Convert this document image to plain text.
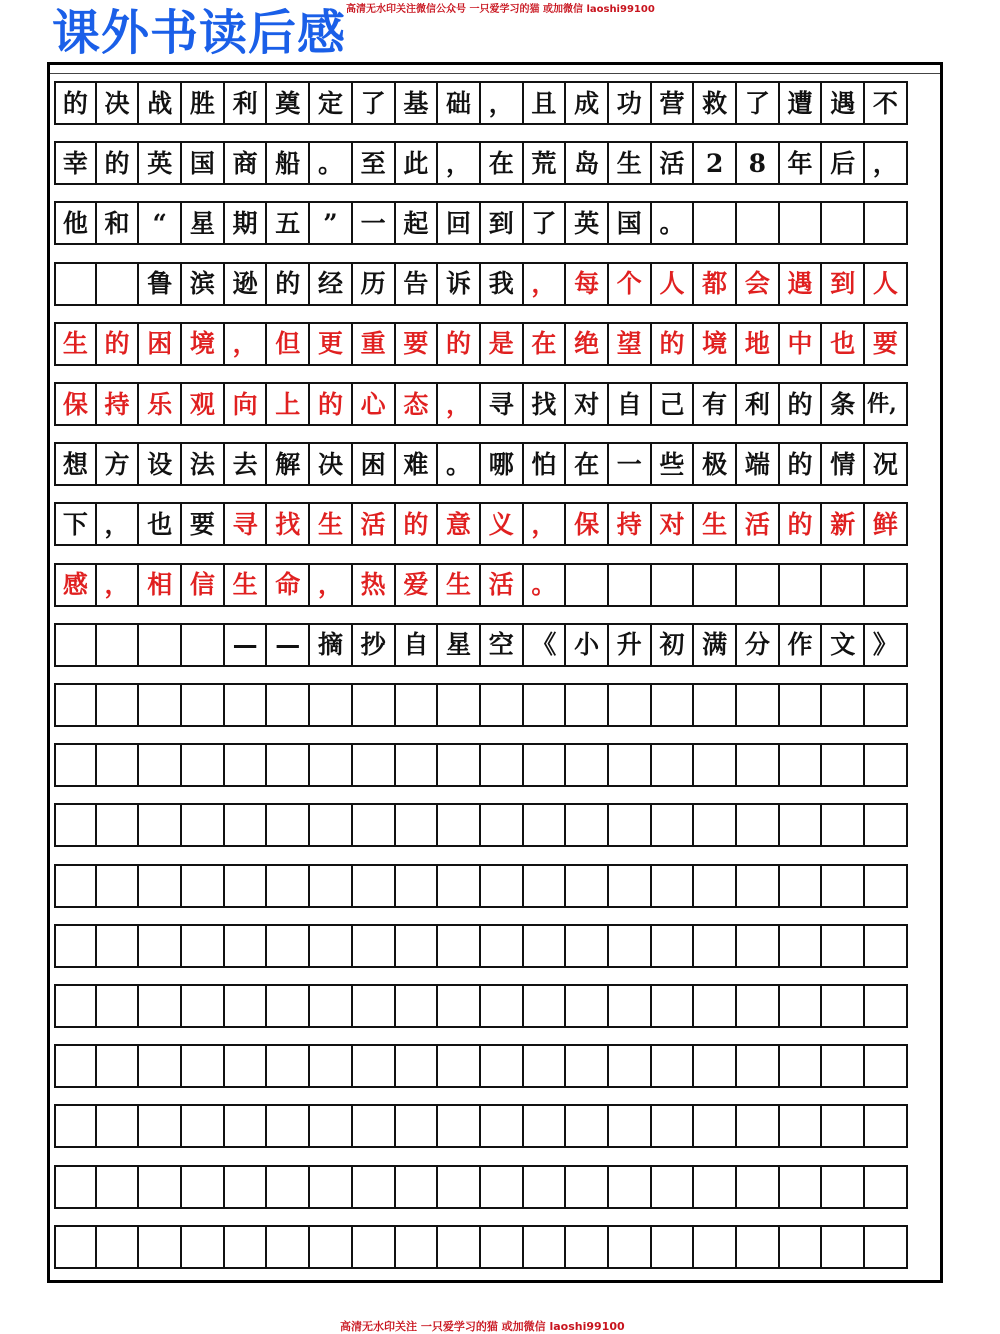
课外书读后感 高清无水印关注微信公众号 一只爱学习的猫 或加微信 laoshi99100
的 决 战 胜 利 奠 定 了 基 础 ， 且 成 功 营 救 了 遭 遇 不
幸 的 英 国 商 船 。 至 此 ， 在 荒 岛 生 活 2	8 年 后 ，
他 和 “ 星 期 五 ” 一 起 回 到 了 英 国 。
鲁 滨 逊 的 经 历 告 诉 我 ， 每 个 人 都 会 遇 到 人
生 的 困 境 ， 但 更 重 要 的 是 在 绝 望 的 境 地 中 也 要
保 持 乐 观 向 上 的 心 态 ， 寻 找 对 自 己 有 利 的 条 件,
想 方 设 法 去 解 决 困 难 。 哪 怕 在 一 些 极 端 的 情 况
下 ， 也 要 寻 找 生 活 的 意 义 ， 保 持 对 生 活 的 新 鲜
感 ， 相 信 生 命 ， 热 爱 生 活 。
— — 摘 抄 自 星 空 《 小 升 初 满 分 作 文 》
高清无水印关注 一只爱学习的猫 或加微信 laoshi99100
